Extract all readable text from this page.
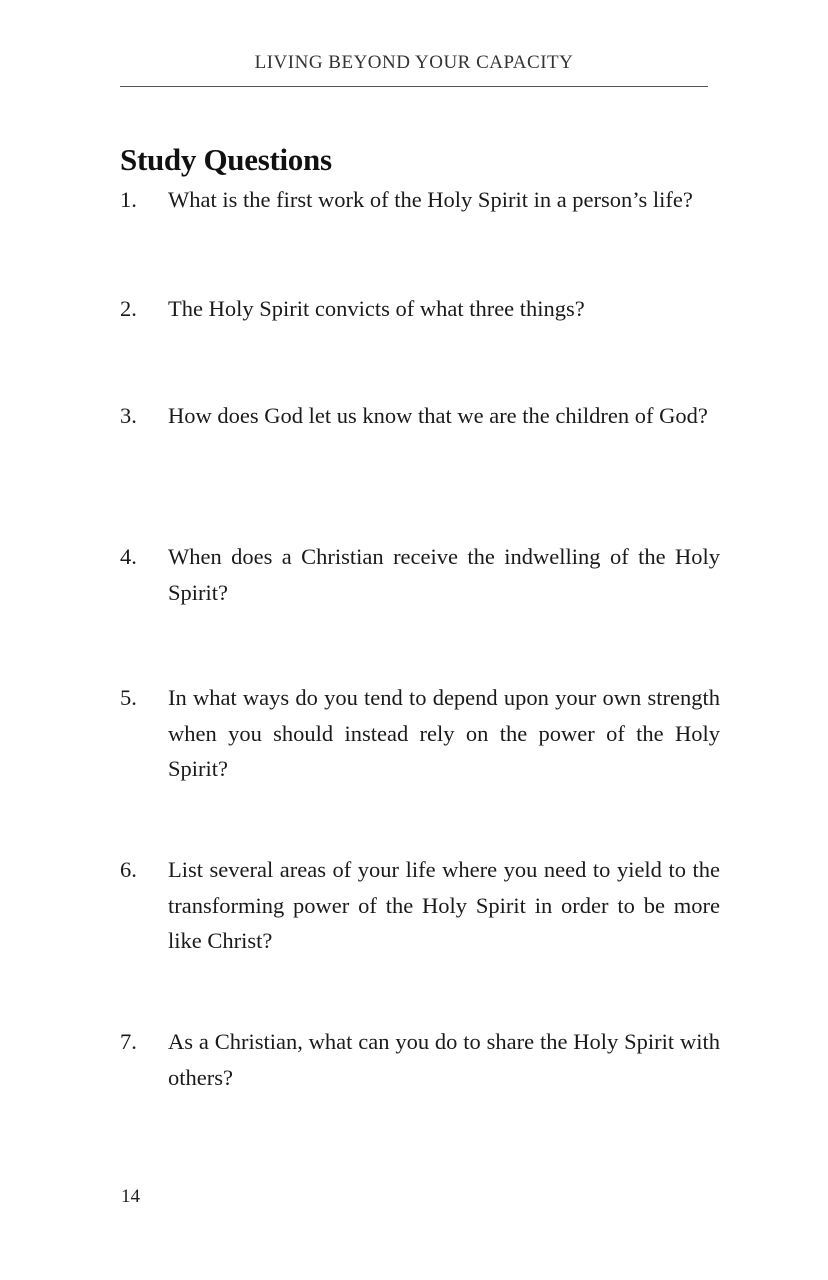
LIVING BEYOND YOUR CAPACITY
Study Questions
1.	What is the first work of the Holy Spirit in a person’s life?
2.	The Holy Spirit convicts of what three things?
3.	How does God let us know that we are the children of God?
4.	When does a Christian receive the indwelling of the Holy Spirit?
5.	In what ways do you tend to depend upon your own strength when you should instead rely on the power of the Holy Spirit?
6.	List several areas of your life where you need to yield to the transforming power of the Holy Spirit in order to be more like Christ?
7.	As a Christian, what can you do to share the Holy Spirit with others?
14
